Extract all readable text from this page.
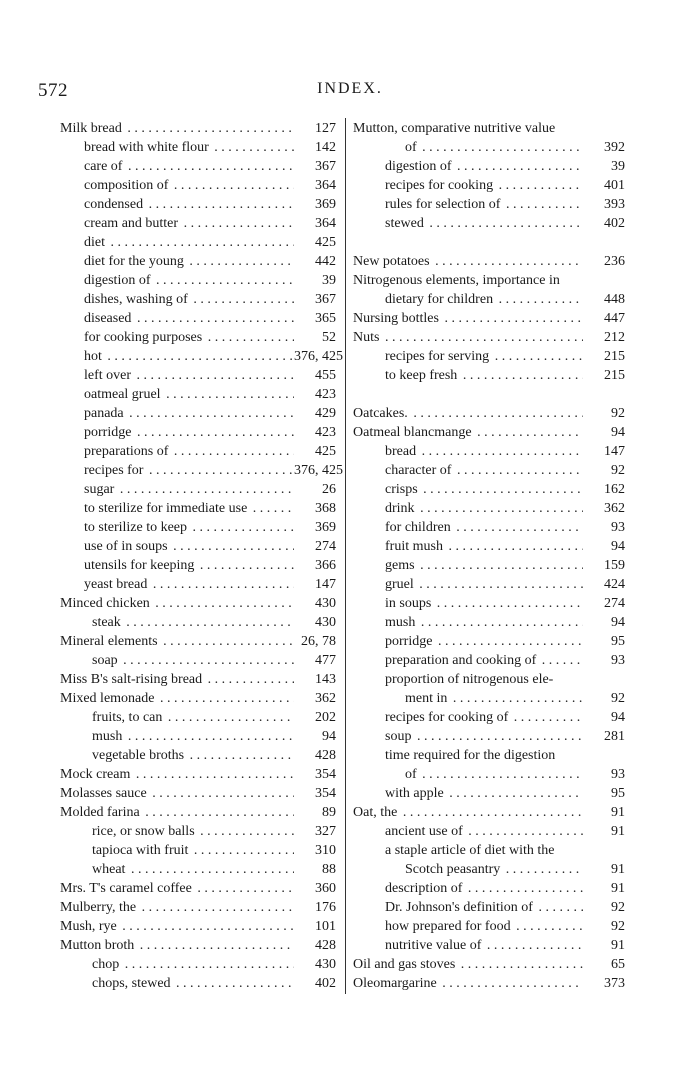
572	INDEX.
Milk bread . . .	127
bread with white flour . . .	142
care of . . .	367
composition of . . .	364
condensed . . .	369
cream and butter . . .	364
diet . . .	425
diet for the young . . .	442
digestion of . . .	39
dishes, washing of . . .	367
diseased . . .	365
for cooking purposes . . .	52
hot . . .	376, 425
left over . . .	455
oatmeal gruel . . .	423
panada . . .	429
porridge . . .	423
preparations of . . .	425
recipes for . . .	376, 425
sugar . . .	26
to sterilize for immediate use . . .	368
to sterilize to keep . . .	369
use of in soups . . .	274
utensils for keeping . . .	366
yeast bread . . .	147
Minced chicken . . .	430
steak . . .	430
Mineral elements . . .	26, 78
soap . . .	477
Miss B's salt-rising bread . . .	143
Mixed lemonade . . .	362
fruits, to can . . .	202
mush . . .	94
vegetable broths . . .	428
Mock cream . . .	354
Molasses sauce . . .	354
Molded farina . . .	89
rice, or snow balls . . .	327
tapioca with fruit . . .	310
wheat . . .	88
Mrs. T's caramel coffee . . .	360
Mulberry, the . . .	176
Mush, rye . . .	101
Mutton broth . . .	428
chop . . .	430
chops, stewed . . .	402
Mutton, comparative nutritive value
of . . .	392
digestion of . . .	39
recipes for cooking . . .	401
rules for selection of . . .	393
stewed . . .	402
New potatoes . . .	236
Nitrogenous elements, importance in
dietary for children . . .	448
Nursing bottles . . .	447
Nuts . . .	212
recipes for serving . . .	215
to keep fresh . . .	215
Oatcakes. . . .	92
Oatmeal blancmange . . .	94
bread . . .	147
character of . . .	92
crisps . . .	162
drink . . .	362
for children . . .	93
fruit mush . . .	94
gems . . .	159
gruel . . .	424
in soups . . .	274
mush . . .	94
porridge . . .	95
preparation and cooking of . . .	93
proportion of nitrogenous ele-
ment in . . .	92
recipes for cooking of . . .	94
soup . . .	281
time required for the digestion
of . . .	93
with apple . . .	95
Oat, the . . .	91
ancient use of . . .	91
a staple article of diet with the
Scotch peasantry . . .	91
description of . . .	91
Dr. Johnson's definition of . . .	92
how prepared for food . . .	92
nutritive value of . . .	91
Oil and gas stoves . . .	65
Oleomargarine . . .	373
